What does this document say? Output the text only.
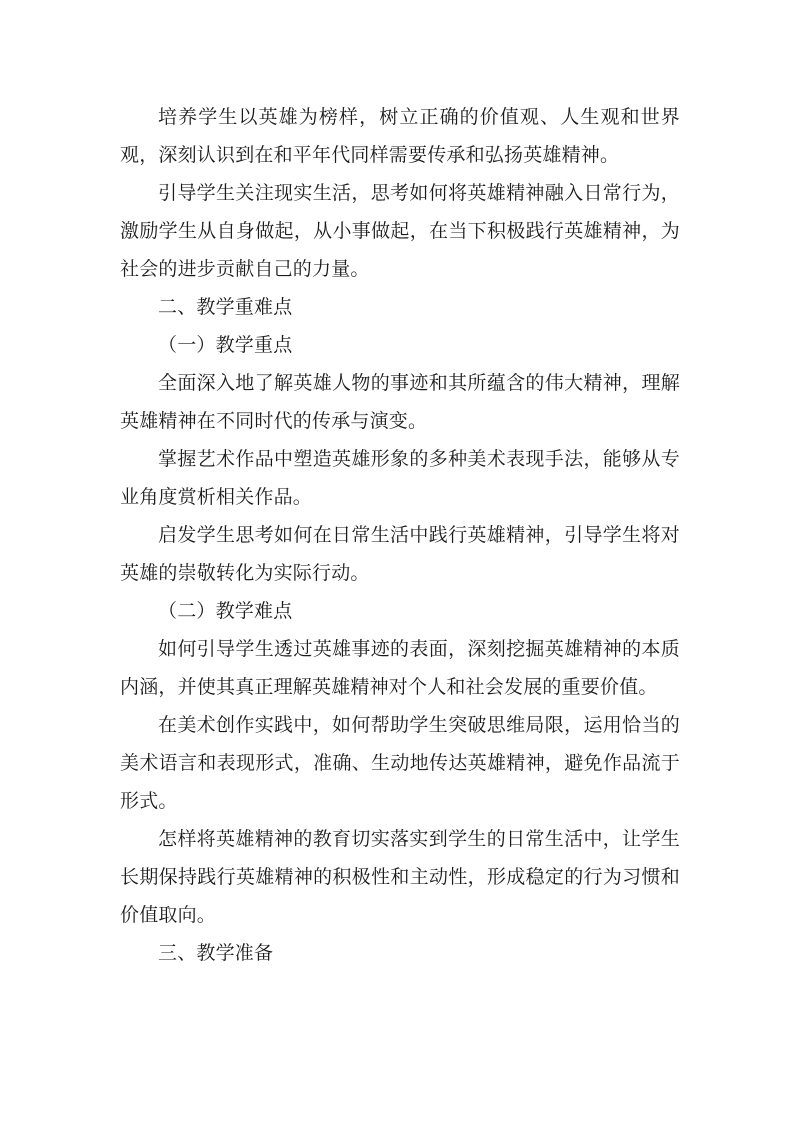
培养学生以英雄为榜样，树立正确的价值观、人生观和世界观，深刻认识到在和平年代同样需要传承和弘扬英雄精神。

引导学生关注现实生活，思考如何将英雄精神融入日常行为，激励学生从自身做起，从小事做起，在当下积极践行英雄精神，为社会的进步贡献自己的力量。

二、教学重难点

（一）教学重点

全面深入地了解英雄人物的事迹和其所蕴含的伟大精神，理解英雄精神在不同时代的传承与演变。

掌握艺术作品中塑造英雄形象的多种美术表现手法，能够从专业角度赏析相关作品。

启发学生思考如何在日常生活中践行英雄精神，引导学生将对英雄的崇敬转化为实际行动。

（二）教学难点

如何引导学生透过英雄事迹的表面，深刻挖掘英雄精神的本质内涵，并使其真正理解英雄精神对个人和社会发展的重要价值。

在美术创作实践中，如何帮助学生突破思维局限，运用恰当的美术语言和表现形式，准确、生动地传达英雄精神，避免作品流于形式。

怎样将英雄精神的教育切实落实到学生的日常生活中，让学生长期保持践行英雄精神的积极性和主动性，形成稳定的行为习惯和价值取向。

三、教学准备
